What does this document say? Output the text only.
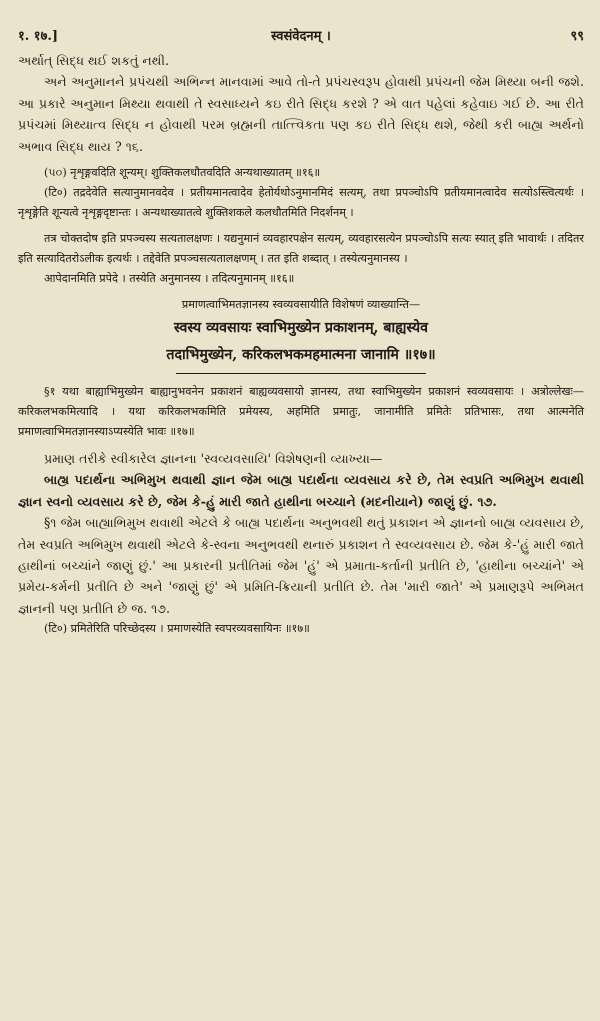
१. १७.]	स्वसंवेदनम् ।	९९

અર્થાત્ સિદ્ધ થઈ શકતું નથી.

અને અનુમાનને પ્રપંચથી અભિન્ન માનવામાં આવે તો-તે પ્રપંચસ્વરૂપ હોવાથી પ્રપંચની જેમ મિથ્યા બની જશે. આ પ્રકારે અનુમાન મિથ્યા થવાથી તે સ્વસાધ્યને કઇ રીતે સિદ્ધ કરશે ? એ વાત પહેલાં કહેવાઇ ગઈ છે. આ રીતે પ્રપંચમાં મિથ્યાત્વ સિદ્ધ ન હોવાથી પરમ બ્રહ્મની તાત્ત્વિકતા પણ કઇ રીતે સિદ્ધ થશે, જેથી કરી બાહ્ય અર્થનો અભાવ સિદ્ધ થાય ? ૧૬.

(પ૦) नृशृङ्गवदिति शून्यम्। शुक्तिकलधौतवदिति अन्यथाख्यातम् ॥१६॥

(टि०) तद्रदेवेति सत्यानुमानवदेव । प्रतीयमानत्वादेव हेतोर्यथोऽनुमानमिदं सत्यम्, तथा प्रपञ्चोऽपि प्रतीयमानत्वादेव सत्योऽस्त्वित्यर्थः । नृशृङ्गेति शून्यत्वे नृशृङ्गदृष्टान्तः । अन्यथाख्यातत्वे शुक्तिशकले कलधौतमिति निदर्शनम् ।

तत्र चोक्तदोष इति प्रपञ्चस्य सत्यतालक्षणः । यद्यनुमानं व्यवहारपक्षेन सत्यम्, व्यवहारसत्येन प्रपञ्चोऽपि सत्यः स्यात् इति भावार्थः । तदितर इति सत्यादितरोऽलीक इत्यर्थः । तद्देवेति प्रपञ्चसत्यतालक्षणम् । तत इति शब्दात् । तस्येत्यनुमानस्य ।

आपेदानमिति प्रपेदे । तस्येति अनुमानस्य । तदित्यनुमानम् ॥१६॥

प्रमाणत्वाभिमतज्ञानस्य स्वव्यवसायीति विशेषणं व्याख्यान्ति—

स्वस्य व्यवसायः स्वाभिमुख्येन प्रकाशनम्, बाह्यस्येव

तदाभिमुख्येन, करिकलभकमहमात्मना जानामि ॥१७॥

§१ यथा बाह्याभिमुख्येन बाह्यानुभवनेन प्रकाशनं बाह्यव्यवसायो ज्ञानस्य, तथा स्वाभिमुख्येन प्रकाशनं स्वव्यवसायः । अत्रोल्लेखः—करिकलभकमित्यादि । यथा करिकलभकमिति प्रमेयस्य, अहमिति प्रमातुः, जानामीति प्रमितेः प्रतिभासः, तथा आत्मनेति प्रमाणत्वाभिमतज्ञानस्याऽप्यस्येति भावः ॥१७॥

પ્રમાણ તરીકે સ્વીકારેલ જ્ઞાનના 'સ્વવ્યવસાયિ' વિશેષણની વ્યાખ્યા—

બાહ્ય પદાર્થના અભિમુખ થવાથી જ્ઞાન જેમ બાહ્ય પદાર્થના વ્યવસાય કરે છે, તેમ સ્વપ્રતિ અભિમુખ થવાથી જ્ઞાન સ્વનો વ્યવસાય કરે છે, જેમ કે-હું મારી જાતે હાથીના બચ્ચાને (મદનીયાને) જાણું છું. ૧૭.

§૧ જેમ બાહ્યાભિમુખ થવાથી એટલે કે બાહ્ય પદાર્થના અનુભવથી થતું પ્રકાશન એ જ્ઞાનનો બાહ્ય વ્યવસાય છે, તેમ સ્વપ્રતિ અભિમુખ થવાથી એટલે કે-સ્વના અનુભવથી થનારું પ્રકાશન તે સ્વવ્યવસાય છે. જેમ કે-'હું મારી જાતે હાથીનાં બચ્ચાંને જાણું છું.' આ પ્રકારની પ્રતીતિમાં જેમ 'હું' એ પ્રમાતા-કર્તાની પ્રતીતિ છે, 'હાથીના બચ્ચાંને' એ પ્રમેય-કર્મની પ્રતીતિ છે અને 'જાણું છું' એ પ્રમિતિ-ક્રિયાની પ્રતીતિ છે. તેમ 'મારી જાતે' એ પ્રમાણરૂપે અભિમત જ્ઞાનની પણ પ્રતીતિ છે જ. ૧૭.

(टि०) प्रमितेरिति परिच्छेदस्य । प्रमाणस्येति स्वपरव्यवसायिनः ॥१७॥
